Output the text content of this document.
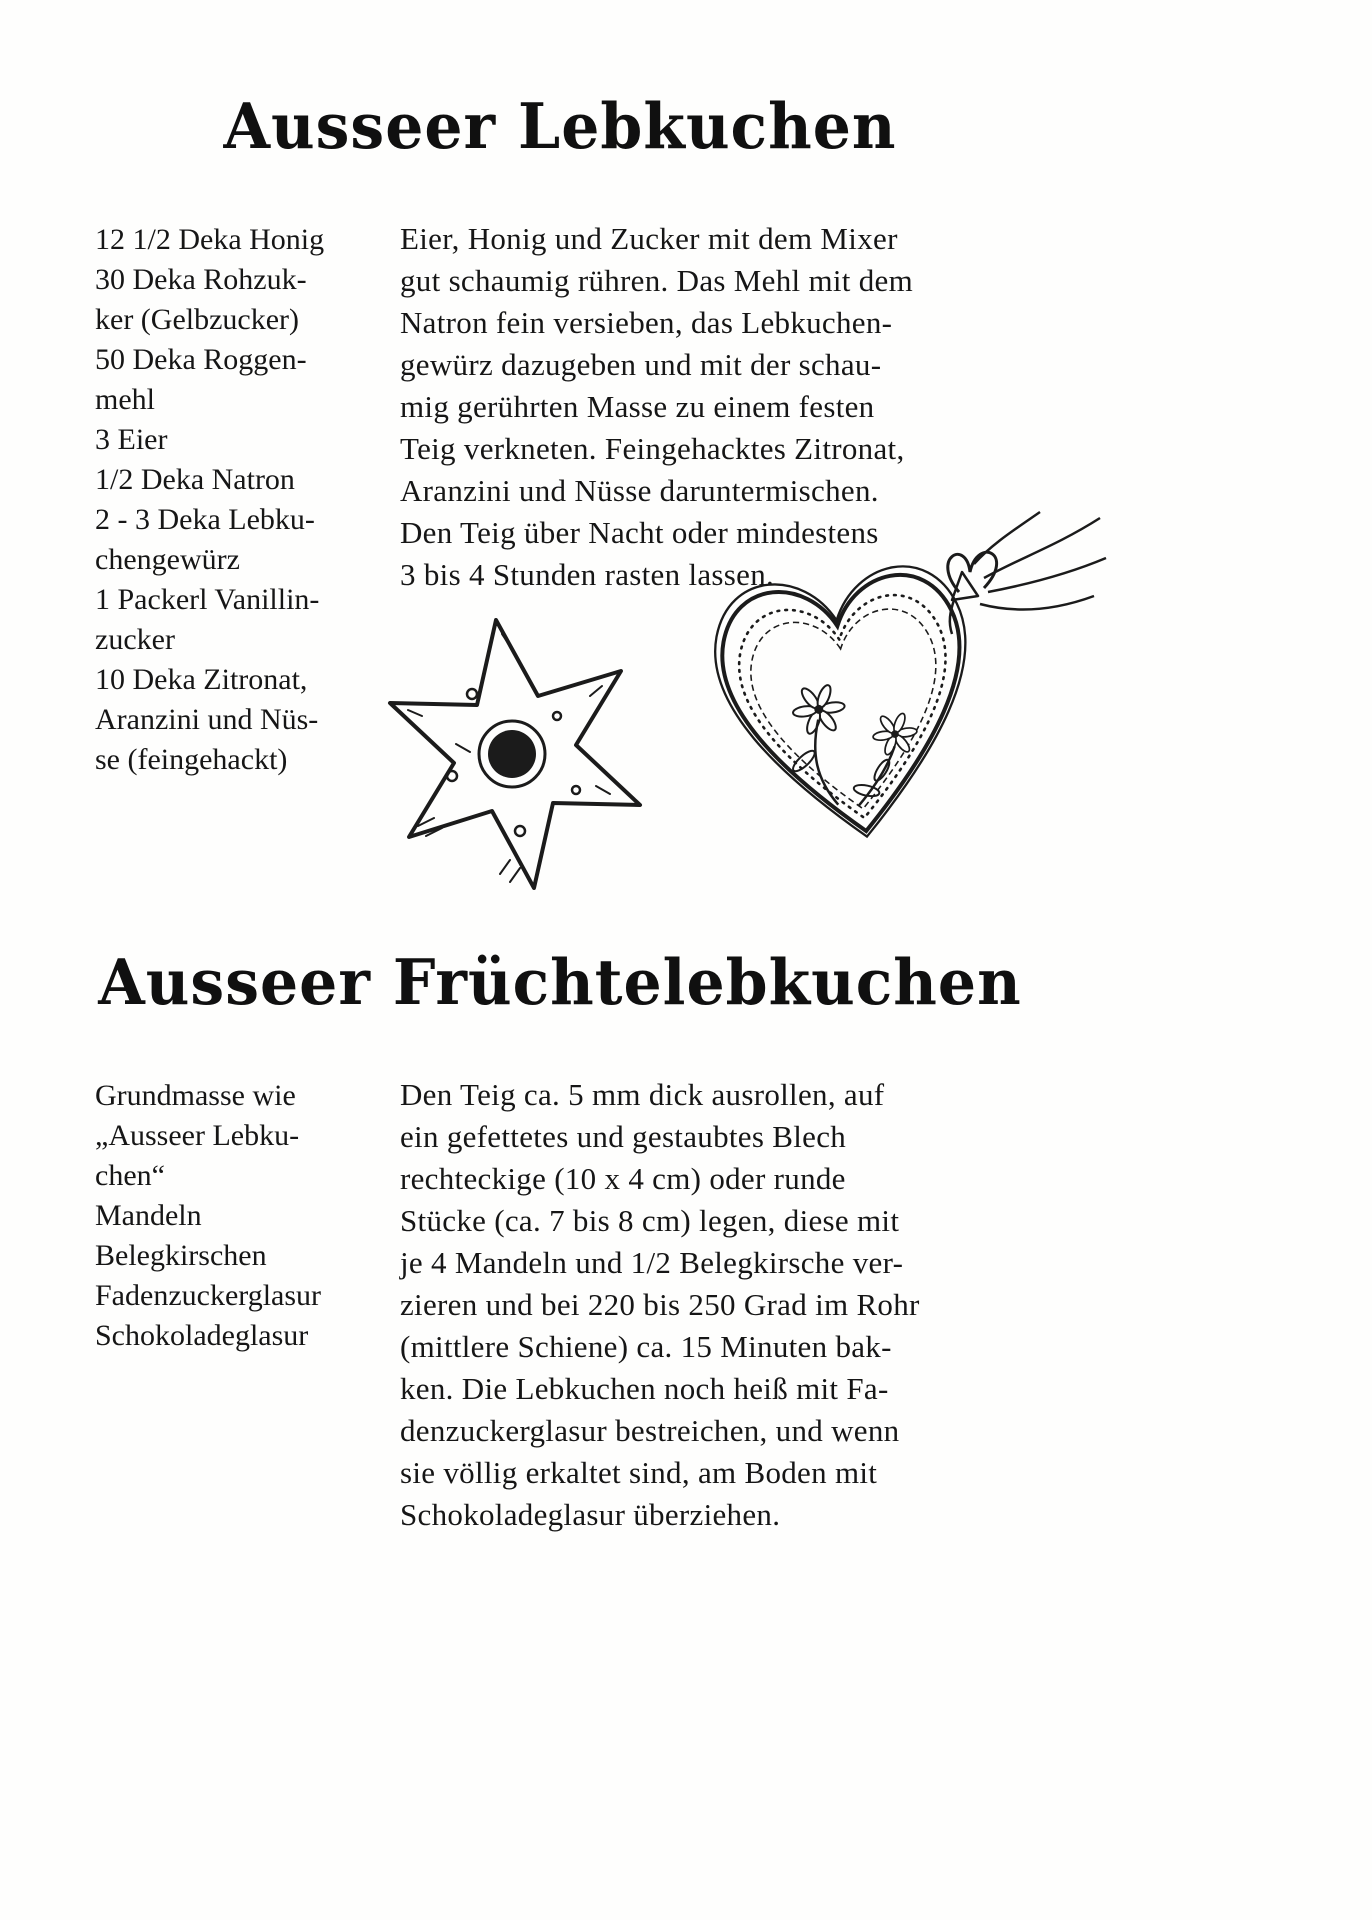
Ausseer Lebkuchen
12 1/2 Deka Honig
30 Deka Rohzuk-
ker (Gelbzucker)
50 Deka Roggen-
mehl
3 Eier
1/2 Deka Natron
2 - 3 Deka Lebku-
chengewürz
1 Packerl Vanillin-
zucker
10 Deka Zitronat,
Aranzini und Nüs-
se (feingehackt)
Eier, Honig und Zucker mit dem Mixer
gut schaumig rühren. Das Mehl mit dem
Natron fein versieben, das Lebkuchen-
gewürz dazugeben und mit der schau-
mig gerührten Masse zu einem festen
Teig verkneten. Feingehacktes Zitronat,
Aranzini und Nüsse daruntermischen.
Den Teig über Nacht oder mindestens
3 bis 4 Stunden rasten lassen.
Ausseer Früchtelebkuchen
Grundmasse wie
„Ausseer Lebku-
chen“
Mandeln
Belegkirschen
Fadenzuckerglasur
Schokoladeglasur
Den Teig ca. 5 mm dick ausrollen, auf
ein gefettetes und gestaubtes Blech
rechteckige (10 x 4 cm) oder runde
Stücke (ca. 7 bis 8 cm) legen, diese mit
je 4 Mandeln und 1/2 Belegkirsche ver-
zieren und bei 220 bis 250 Grad im Rohr
(mittlere Schiene) ca. 15 Minuten bak-
ken. Die Lebkuchen noch heiß mit Fa-
denzuckerglasur bestreichen, und wenn
sie völlig erkaltet sind, am Boden mit
Schokoladeglasur überziehen.
